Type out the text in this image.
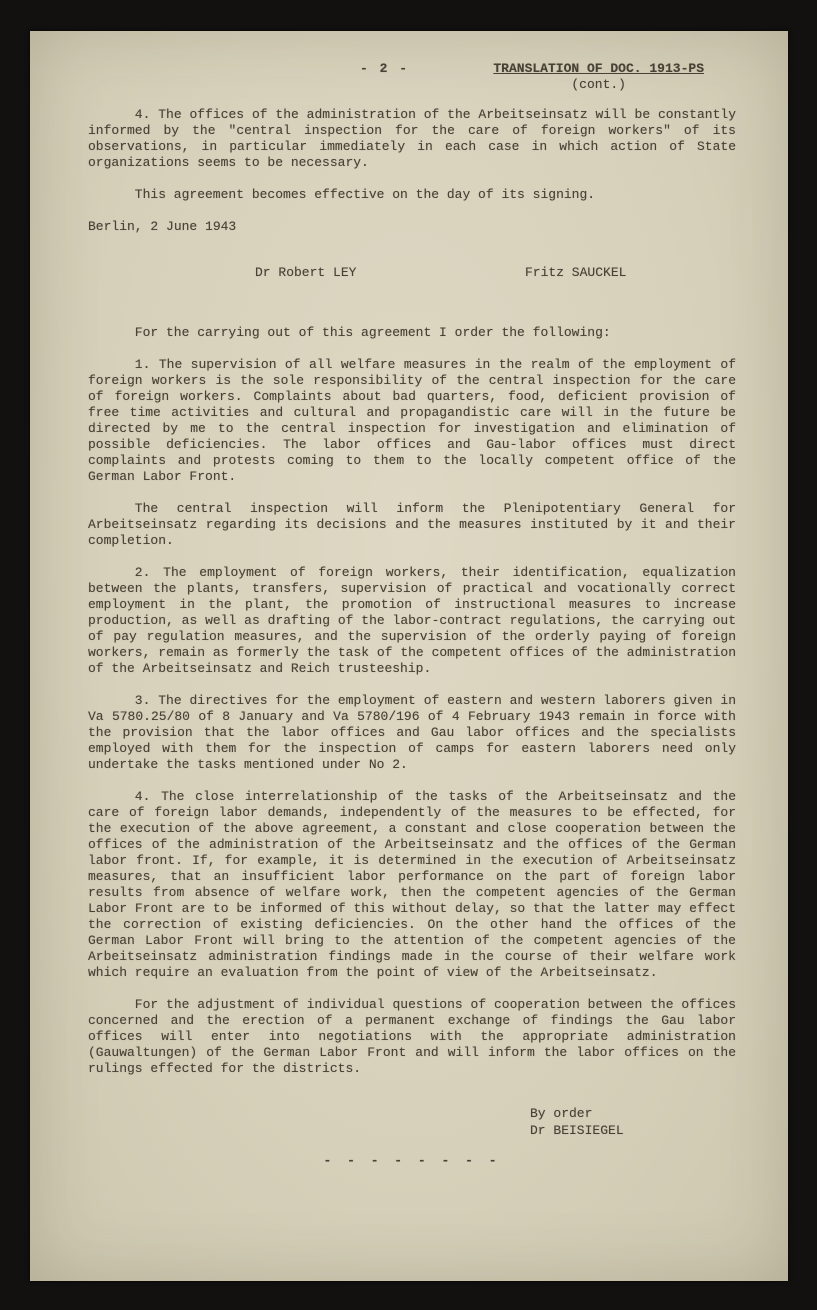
- 2 -	TRANSLATION OF DOC. 1913-PS
(cont.)

4. The offices of the administration of the Arbeitseinsatz will be constantly informed by the "central inspection for the care of foreign workers" of its observations, in particular immediately in each case in which action of State organizations seems to be necessary.

This agreement becomes effective on the day of its signing.

Berlin, 2 June 1943

Dr Robert LEY	Fritz SAUCKEL

For the carrying out of this agreement I order the following:

1. The supervision of all welfare measures in the realm of the employment of foreign workers is the sole responsibility of the central inspection for the care of foreign workers. Complaints about bad quarters, food, deficient provision of free time activities and cultural and propagandistic care will in the future be directed by me to the central inspection for investigation and elimination of possible deficiencies. The labor offices and Gau-labor offices must direct complaints and protests coming to them to the locally competent office of the German Labor Front.

The central inspection will inform the Plenipotentiary General for Arbeitseinsatz regarding its decisions and the measures instituted by it and their completion.

2. The employment of foreign workers, their identification, equalization between the plants, transfers, supervision of practical and vocationally correct employment in the plant, the promotion of instructional measures to increase production, as well as drafting of the labor-contract regulations, the carrying out of pay regulation measures, and the supervision of the orderly paying of foreign workers, remain as formerly the task of the competent offices of the administration of the Arbeitseinsatz and Reich trusteeship.

3. The directives for the employment of eastern and western laborers given in Va 5780.25/80 of 8 January and Va 5780/196 of 4 February 1943 remain in force with the provision that the labor offices and Gau labor offices and the specialists employed with them for the inspection of camps for eastern laborers need only undertake the tasks mentioned under No 2.

4. The close interrelationship of the tasks of the Arbeitseinsatz and the care of foreign labor demands, independently of the measures to be effected, for the execution of the above agreement, a constant and close cooperation between the offices of the administration of the Arbeitseinsatz and the offices of the German labor front. If, for example, it is determined in the execution of Arbeitseinsatz measures, that an insufficient labor performance on the part of foreign labor results from absence of welfare work, then the competent agencies of the German Labor Front are to be informed of this without delay, so that the latter may effect the correction of existing deficiencies. On the other hand the offices of the German Labor Front will bring to the attention of the competent agencies of the Arbeitseinsatz administration findings made in the course of their welfare work which require an evaluation from the point of view of the Arbeitseinsatz.

For the adjustment of individual questions of cooperation between the offices concerned and the erection of a permanent exchange of findings the Gau labor offices will enter into negotiations with the appropriate administration (Gauwaltungen) of the German Labor Front and will inform the labor offices on the rulings effected for the districts.

By order
Dr BEISIEGEL
- - - - - - - -
